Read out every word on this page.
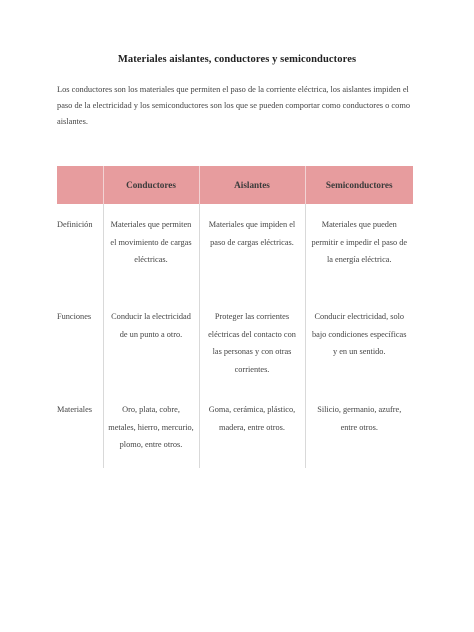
Materiales aislantes, conductores y semiconductores
Los conductores son los materiales que permiten el paso de la corriente eléctrica, los aislantes impiden el paso de la electricidad y los semiconductores son los que se pueden comportar como conductores o como aislantes.
	Conductores	Aislantes	Semiconductores
Definición	Materiales que permiten el movimiento de cargas eléctricas.	Materiales que impiden el paso de cargas eléctricas.	Materiales que pueden permitir e impedir el paso de la energía eléctrica.
Funciones	Conducir la electricidad de un punto a otro.	Proteger las corrientes eléctricas del contacto con las personas y con otras corrientes.	Conducir electricidad, solo bajo condiciones específicas y en un sentido.
Materiales	Oro, plata, cobre, metales, hierro, mercurio, plomo, entre otros.	Goma, cerámica, plástico, madera, entre otros.	Silicio, germanio, azufre, entre otros.
